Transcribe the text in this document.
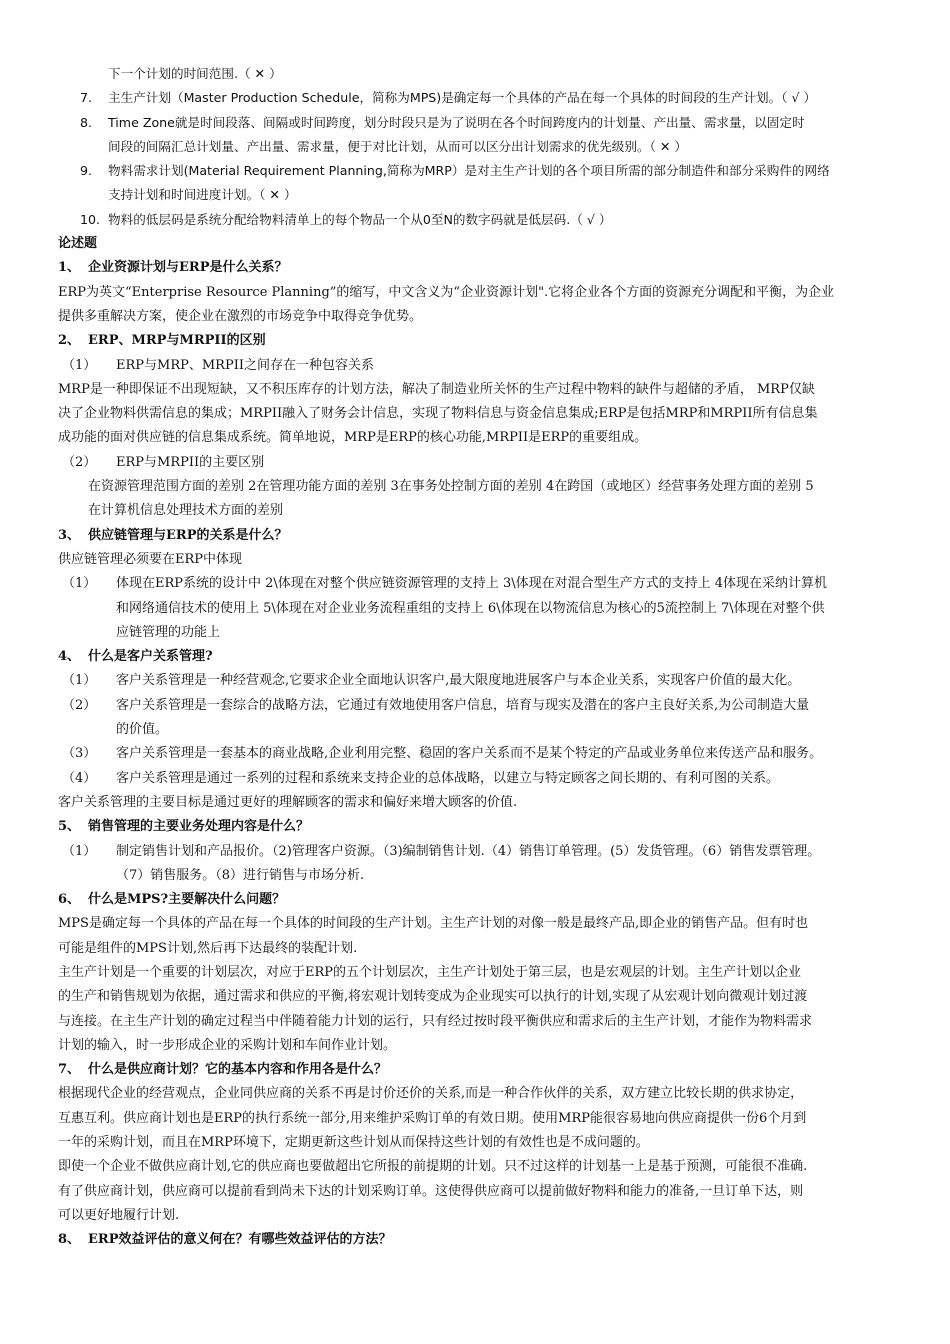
下一个计划的时间范围.（ ✕ ）
7. 主生产计划（Master Production Schedule，简称为MPS)是确定每一个具体的产品在每一个具体的时间段的生产计划。（ √ ）
8. Time Zone就是时间段落、间隔或时间跨度，划分时段只是为了说明在各个时间跨度内的计划量、产出量、需求量，以固定时
间段的间隔汇总计划量、产出量、需求量，便于对比计划，从而可以区分出计划需求的优先级别。（ ✕ ）
9. 物料需求计划(Material Requirement Planning,简称为MRP）是对主生产计划的各个项目所需的部分制造件和部分采购件的网络
支持计划和时间进度计划。（ ✕ ）
10. 物料的低层码是系统分配给物料清单上的每个物品一个从0至N的数字码就是低层码.（ √ ）
论述题
1、 企业资源计划与ERP是什么关系？
ERP为英文“Enterprise Resource Planning”的缩写，中文含义为“企业资源计划".它将企业各个方面的资源充分调配和平衡，为企业
提供多重解决方案，使企业在激烈的市场竞争中取得竞争优势。
2、 ERP、MRP与MRPII的区别
（1） ERP与MRP、MRPII之间存在一种包容关系
MRP是一种即保证不出现短缺，又不积压库存的计划方法，解决了制造业所关怀的生产过程中物料的缺件与超储的矛盾， MRP仅缺
决了企业物料供需信息的集成；MRPII融入了财务会计信息，实现了物料信息与资金信息集成;ERP是包括MRP和MRPII所有信息集
成功能的面对供应链的信息集成系统。简单地说，MRP是ERP的核心功能,MRPII是ERP的重要组成。
（2） ERP与MRPII的主要区别
在资源管理范围方面的差别 2在管理功能方面的差别 3在事务处控制方面的差别 4在跨国（或地区）经营事务处理方面的差别 5
在计算机信息处理技术方面的差别
3、 供应链管理与ERP的关系是什么？
供应链管理必须要在ERP中体现
（1） 体现在ERP系统的设计中 2\体现在对整个供应链资源管理的支持上 3\体现在对混合型生产方式的支持上 4体现在采纳计算机
和网络通信技术的使用上 5\体现在对企业业务流程重组的支持上 6\体现在以物流信息为核心的5流控制上 7\体现在对整个供
应链管理的功能上
4、 什么是客户关系管理?
（1） 客户关系管理是一种经营观念,它要求企业全面地认识客户,最大限度地进展客户与本企业关系，实现客户价值的最大化。
（2） 客户关系管理是一套综合的战略方法，它通过有效地使用客户信息，培育与现实及潜在的客户主良好关系,为公司制造大量
的价值。
（3） 客户关系管理是一套基本的商业战略,企业利用完整、稳固的客户关系而不是某个特定的产品或业务单位来传送产品和服务。
（4） 客户关系管理是通过一系列的过程和系统来支持企业的总体战略，以建立与特定顾客之间长期的、有利可图的关系。
客户关系管理的主要目标是通过更好的理解顾客的需求和偏好来增大顾客的价值.
5、 销售管理的主要业务处理内容是什么？
（1） 制定销售计划和产品报价。（2)管理客户资源。（3)编制销售计划.（4）销售订单管理。(5）发货管理。（6）销售发票管理。
（7）销售服务。（8）进行销售与市场分析.
6、 什么是MPS?主要解决什么问题？
MPS是确定每一个具体的产品在每一个具体的时间段的生产计划。主生产计划的对像一般是最终产品,即企业的销售产品。但有时也
可能是组件的MPS计划,然后再下达最终的装配计划.
主生产计划是一个重要的计划层次，对应于ERP的五个计划层次，主生产计划处于第三层，也是宏观层的计划。主生产计划以企业
的生产和销售规划为依据，通过需求和供应的平衡,将宏观计划转变成为企业现实可以执行的计划,实现了从宏观计划向微观计划过渡
与连接。在主生产计划的确定过程当中伴随着能力计划的运行，只有经过按时段平衡供应和需求后的主生产计划，才能作为物料需求
计划的输入，时一步形成企业的采购计划和车间作业计划。
7、 什么是供应商计划？它的基本内容和作用各是什么？
根据现代企业的经营观点，企业同供应商的关系不再是讨价还价的关系,而是一种合作伙伴的关系，双方建立比较长期的供求协定，
互惠互利。供应商计划也是ERP的执行系统一部分,用来维护采购订单的有效日期。使用MRP能很容易地向供应商提供一份6个月到
一年的采购计划，而且在MRP环境下，定期更新这些计划从而保持这些计划的有效性也是不成问题的。
即使一个企业不做供应商计划,它的供应商也要做超出它所报的前提期的计划。只不过这样的计划基一上是基于预测，可能很不准确.
有了供应商计划，供应商可以提前看到尚未下达的计划采购订单。这使得供应商可以提前做好物料和能力的准备,一旦订单下达，则
可以更好地履行计划.
8、 ERP效益评估的意义何在？有哪些效益评估的方法？
